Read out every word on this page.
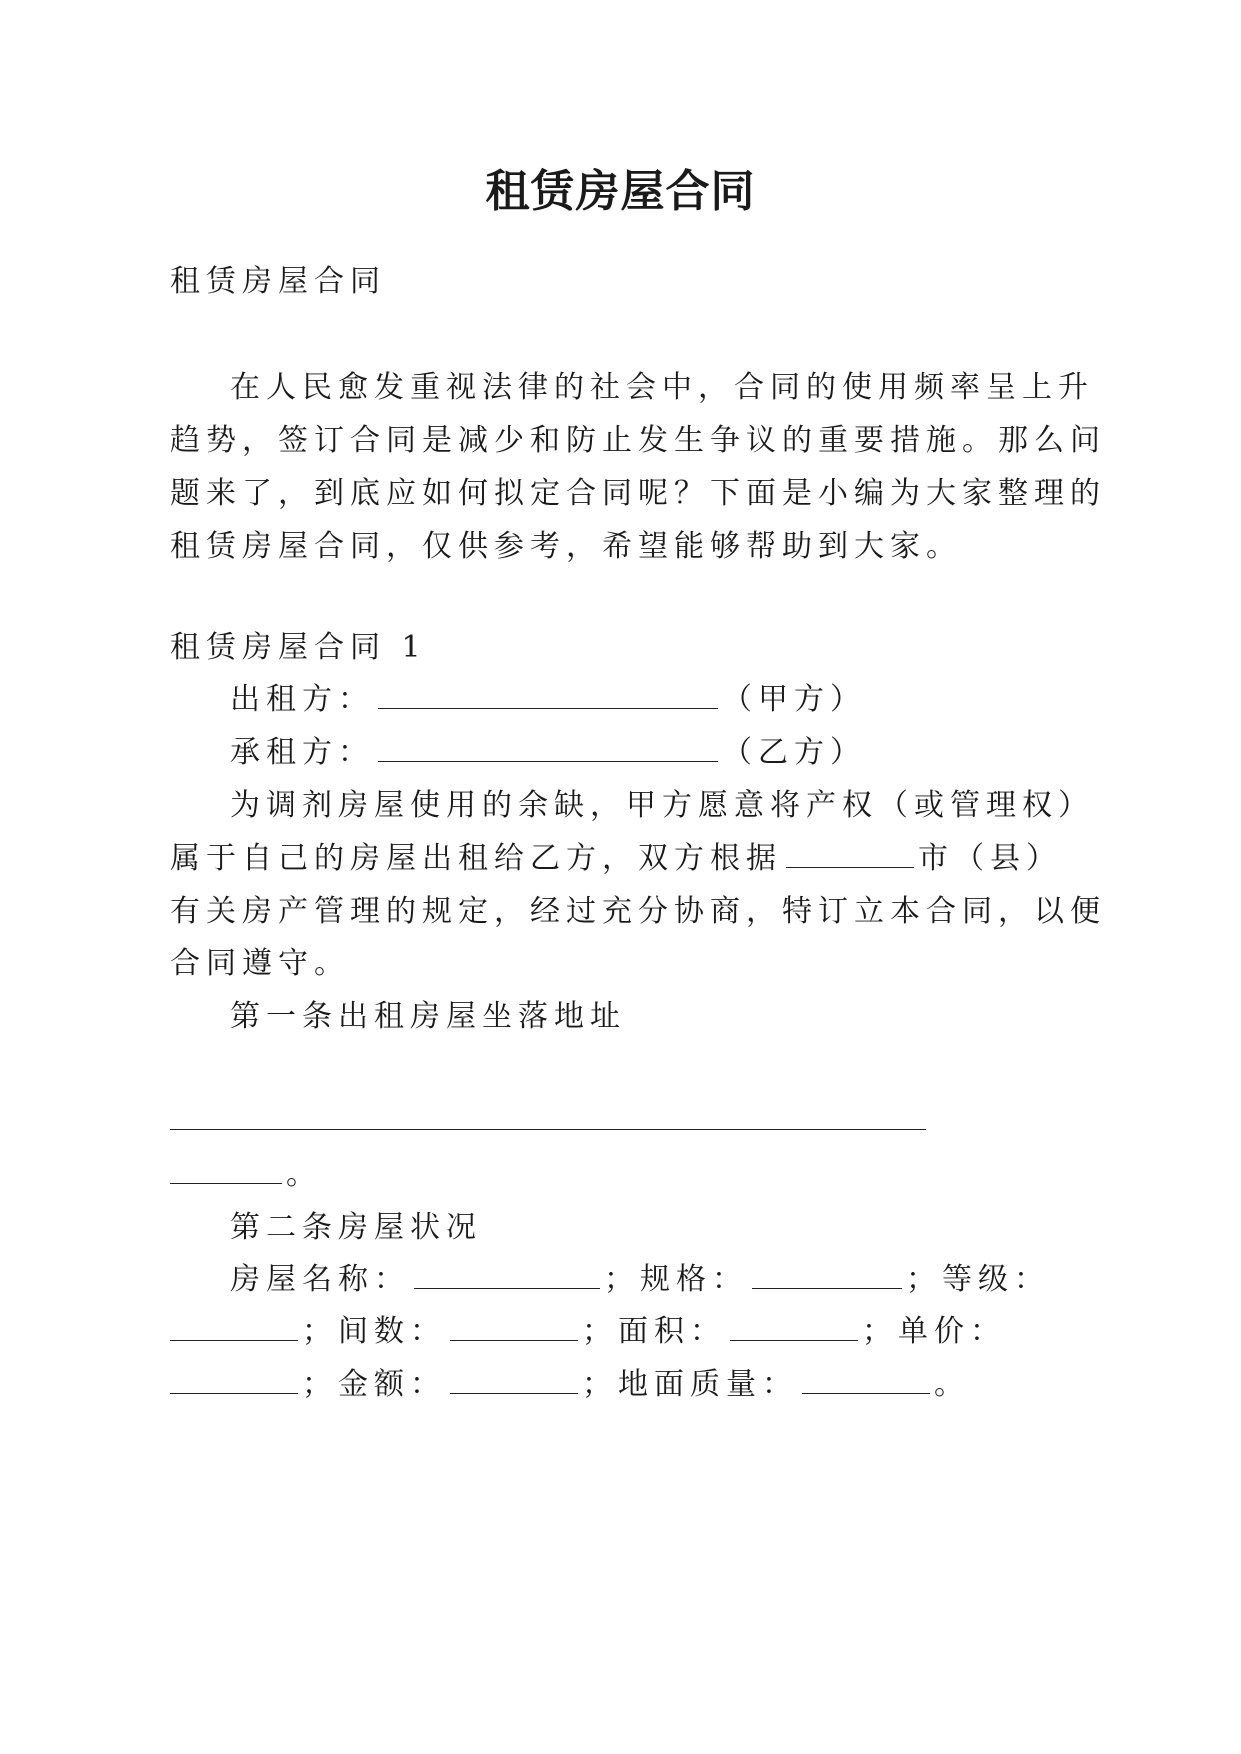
租赁房屋合同
租赁房屋合同
在人民愈发重视法律的社会中，合同的使用频率呈上升
趋势，签订合同是减少和防止发生争议的重要措施。那么问
题来了，到底应如何拟定合同呢？下面是小编为大家整理的
租赁房屋合同，仅供参考，希望能够帮助到大家。
租赁房屋合同 1
出租方：	（甲方）
承租方：	（乙方）
为调剂房屋使用的余缺，甲方愿意将产权（或管理权）
属于自己的房屋出租给乙方，双方根据	市（县）
有关房产管理的规定，经过充分协商，特订立本合同，以便
合同遵守。
第一条出租房屋坐落地址
。
第二条房屋状况
房屋名称：	；规格：	；等级：
；间数：	；面积：	；单价：
；金额：	；地面质量：	。
